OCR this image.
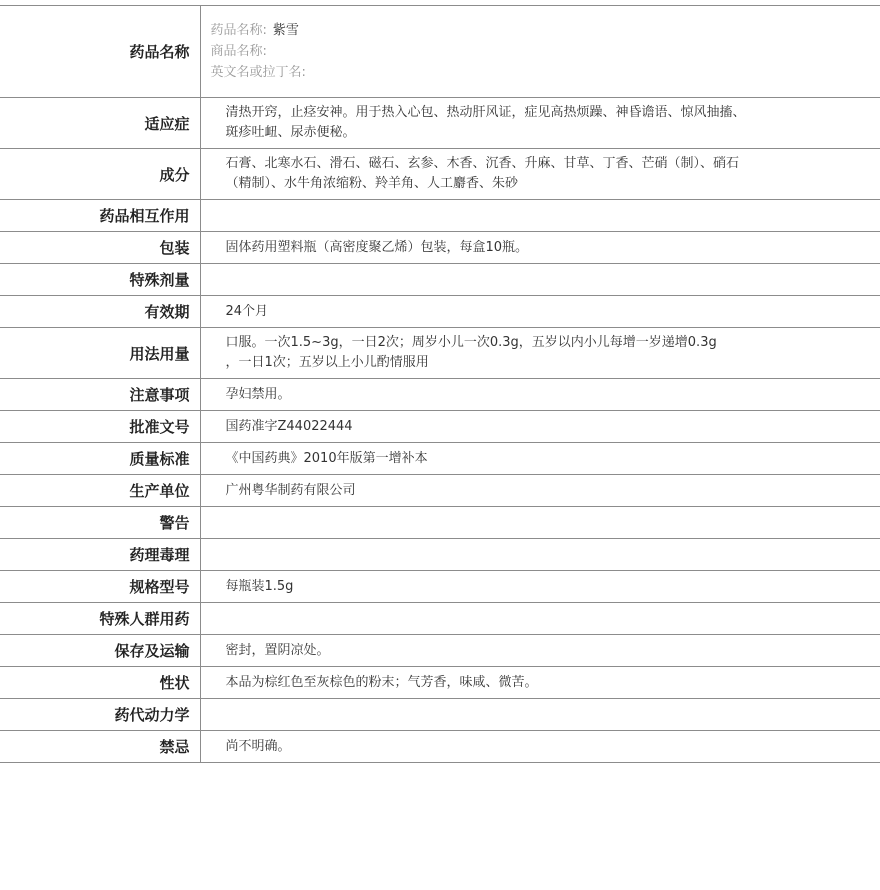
药品名称	药品名称: 紫雪
商品名称:
英文名或拉丁名:

适应症	清热开窍，止痉安神。用于热入心包、热动肝风证，症见高热烦躁、神昏谵语、惊风抽搐、
斑疹吐衄、尿赤便秘。

成分	石膏、北寒水石、滑石、磁石、玄参、木香、沉香、升麻、甘草、丁香、芒硝（制）、硝石
（精制）、水牛角浓缩粉、羚羊角、人工麝香、朱砂

药品相互作用	
包装	固体药用塑料瓶（高密度聚乙烯）包装，每盒10瓶。

特殊剂量	
有效期	24个月

用法用量	口服。一次1.5~3g，一日2次；周岁小儿一次0.3g，五岁以内小儿每增一岁递增0.3g
，一日1次；五岁以上小儿酌情服用

注意事项	孕妇禁用。

批准文号	国药准字Z44022444

质量标准	《中国药典》2010年版第一增补本

生产单位	广州粤华制药有限公司

警告	
药理毒理	
规格型号	每瓶装1.5g

特殊人群用药	
保存及运输	密封，置阴凉处。

性状	本品为棕红色至灰棕色的粉末；气芳香，味咸、微苦。

药代动力学	
禁忌	尚不明确。
